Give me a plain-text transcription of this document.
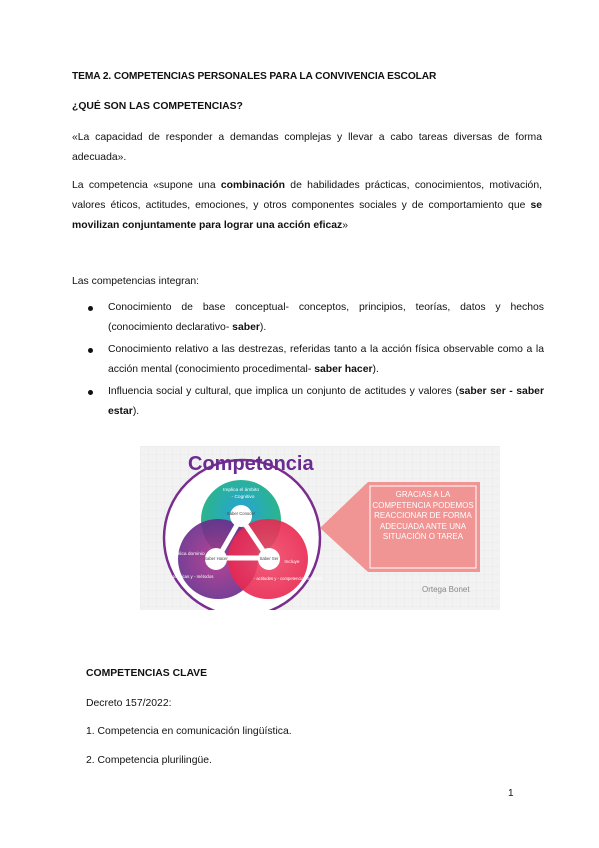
TEMA 2. COMPETENCIAS PERSONALES PARA LA CONVIVENCIA ESCOLAR
¿QUÉ SON LAS COMPETENCIAS?
«La capacidad de responder a demandas complejas y llevar a cabo tareas diversas de forma adecuada».
La competencia «supone una combinación de habilidades prácticas, conocimientos, motivación, valores éticos, actitudes, emociones, y otros componentes sociales y de comportamiento que se movilizan conjuntamente para lograr una acción eficaz»
Las competencias integran:
Conocimiento de base conceptual- conceptos, principios, teorías, datos y hechos (conocimiento declarativo- saber).
Conocimiento relativo a las destrezas, referidas tanto a la acción física observable como a la acción mental (conocimiento procedimental- saber hacer).
Influencia social y cultural, que implica un conjunto de actitudes y valores (saber ser - saber estar).
Competencia
Implica el ámbito
- Cognitivo
Saber Conocer
Implica dominio
- técnicas y - métodos
Saber Hacer
Incluye
- actitudes y - competencias sociales
Saber Ser
GRACIAS A LA COMPETENCIA PODEMOS REACCIONAR DE FORMA ADECUADA ANTE UNA SITUACIÓN O TAREA
Ortega Bonet
COMPETENCIAS CLAVE
Decreto 157/2022:
1. Competencia en comunicación lingüística.
2. Competencia plurilingüe.
1
